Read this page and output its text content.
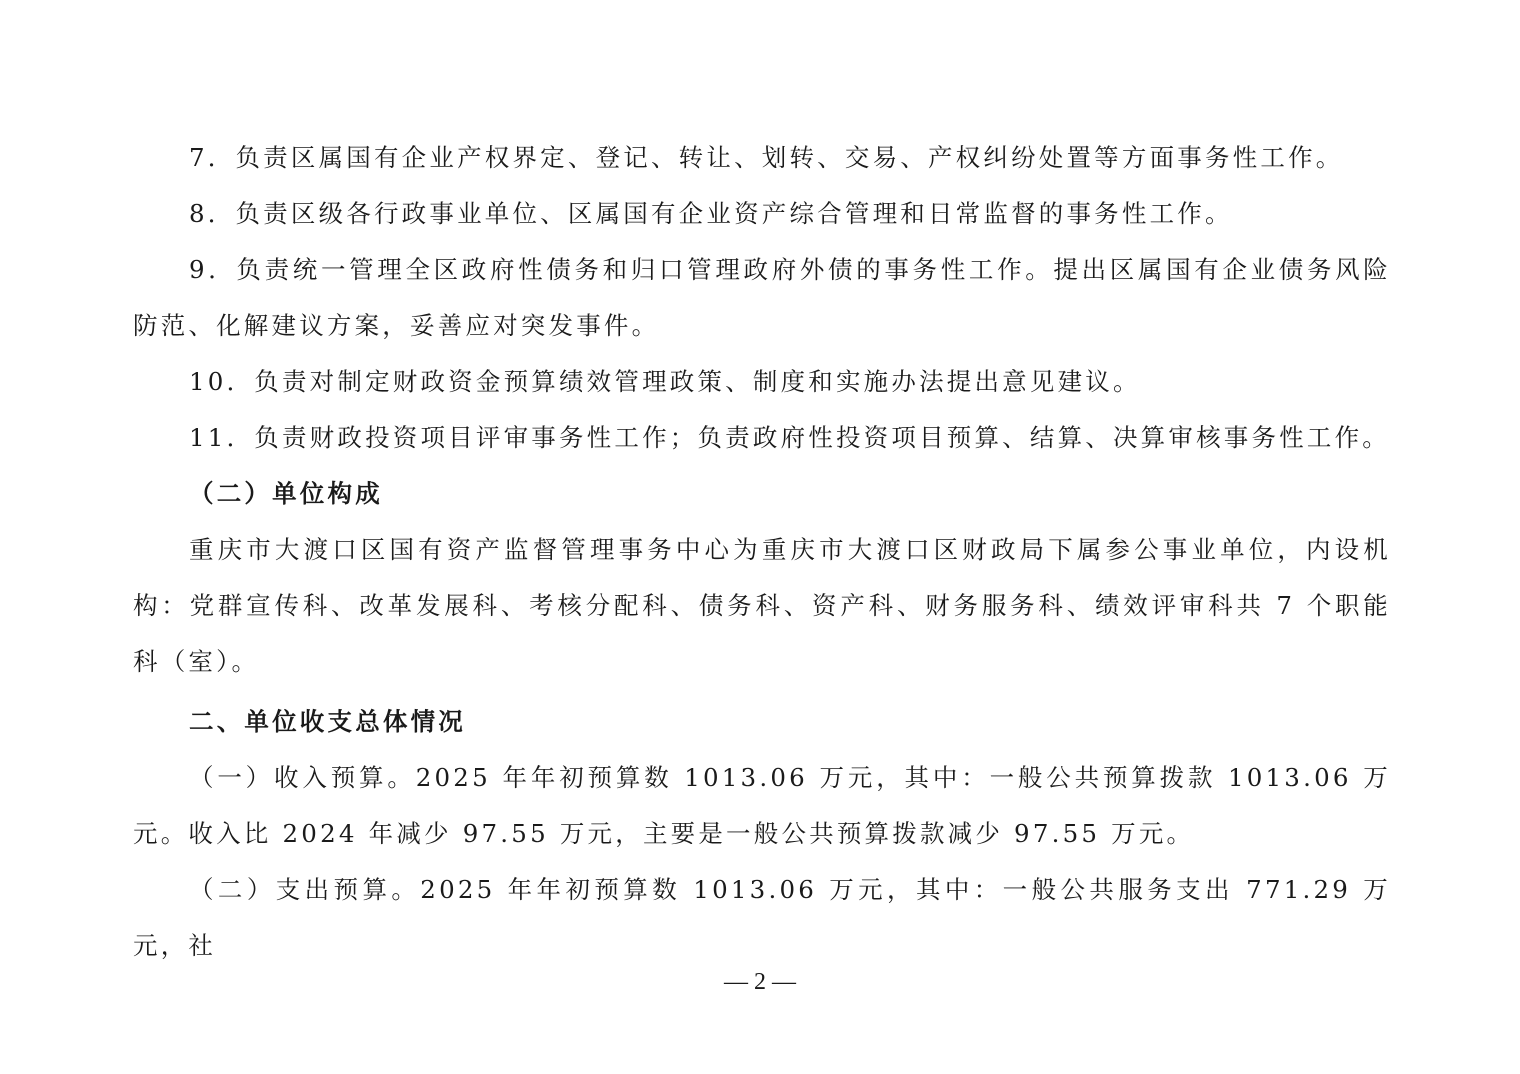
7．负责区属国有企业产权界定、登记、转让、划转、交易、产权纠纷处置等方面事务性工作。

8．负责区级各行政事业单位、区属国有企业资产综合管理和日常监督的事务性工作。

9．负责统一管理全区政府性债务和归口管理政府外债的事务性工作。提出区属国有企业债务风险防范、化解建议方案，妥善应对突发事件。

10．负责对制定财政资金预算绩效管理政策、制度和实施办法提出意见建议。

11．负责财政投资项目评审事务性工作；负责政府性投资项目预算、结算、决算审核事务性工作。

（二）单位构成

重庆市大渡口区国有资产监督管理事务中心为重庆市大渡口区财政局下属参公事业单位，内设机构：党群宣传科、改革发展科、考核分配科、债务科、资产科、财务服务科、绩效评审科共 7 个职能科（室）。

二、单位收支总体情况

（一）收入预算。2025 年年初预算数 1013.06 万元，其中：一般公共预算拨款 1013.06 万元。收入比 2024 年减少 97.55 万元，主要是一般公共预算拨款减少 97.55 万元。

（二）支出预算。2025 年年初预算数 1013.06 万元，其中：一般公共服务支出 771.29 万元，社

— 2 —
